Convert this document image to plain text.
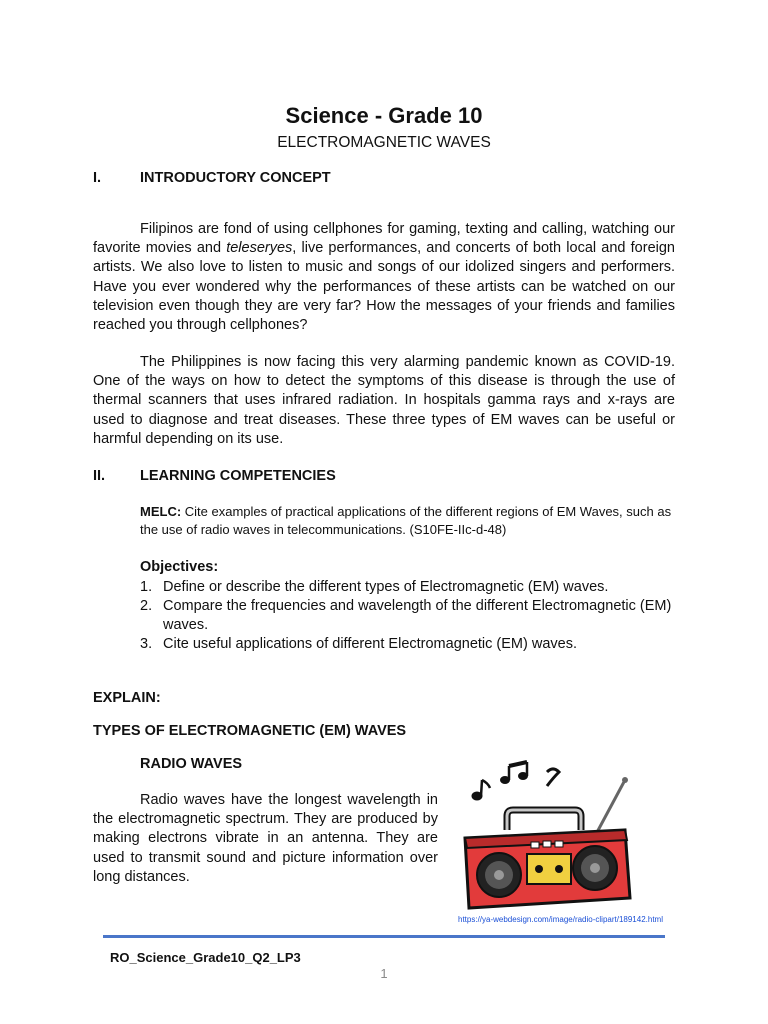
Science - Grade 10
ELECTROMAGNETIC WAVES
I.	INTRODUCTORY CONCEPT

Filipinos are fond of using cellphones for gaming, texting and calling, watching our favorite movies and teleseryes, live performances, and concerts of both local and foreign artists. We also love to listen to music and songs of our idolized singers and performers. Have you ever wondered why the performances of these artists can be watched on our television even though they are very far? How the messages of your friends and families reached you through cellphones?

The Philippines is now facing this very alarming pandemic known as COVID-19. One of the ways on how to detect the symptoms of this disease is through the use of thermal scanners that uses infrared radiation. In hospitals gamma rays and x-rays are used to diagnose and treat diseases. These three types of EM waves can be useful or harmful depending on its use.

II. LEARNING COMPETENCIES

MELC: Cite examples of practical applications of the different regions of EM Waves, such as the use of radio waves in telecommunications. (S10FE-IIc-d-48)

Objectives:
1. Define or describe the different types of Electromagnetic (EM) waves.
2. Compare the frequencies and wavelength of the different Electromagnetic (EM) waves.
3. Cite useful applications of different Electromagnetic (EM) waves.
EXPLAIN:
TYPES OF ELECTROMAGNETIC (EM) WAVES
RADIO WAVES

Radio waves have the longest wavelength in the electromagnetic spectrum. They are produced by making electrons vibrate in an antenna. They are used to transmit sound and picture information over long distances.

https://ya-webdesign.com/image/radio-clipart/189142.html
RO_Science_Grade10_Q2_LP3
1
